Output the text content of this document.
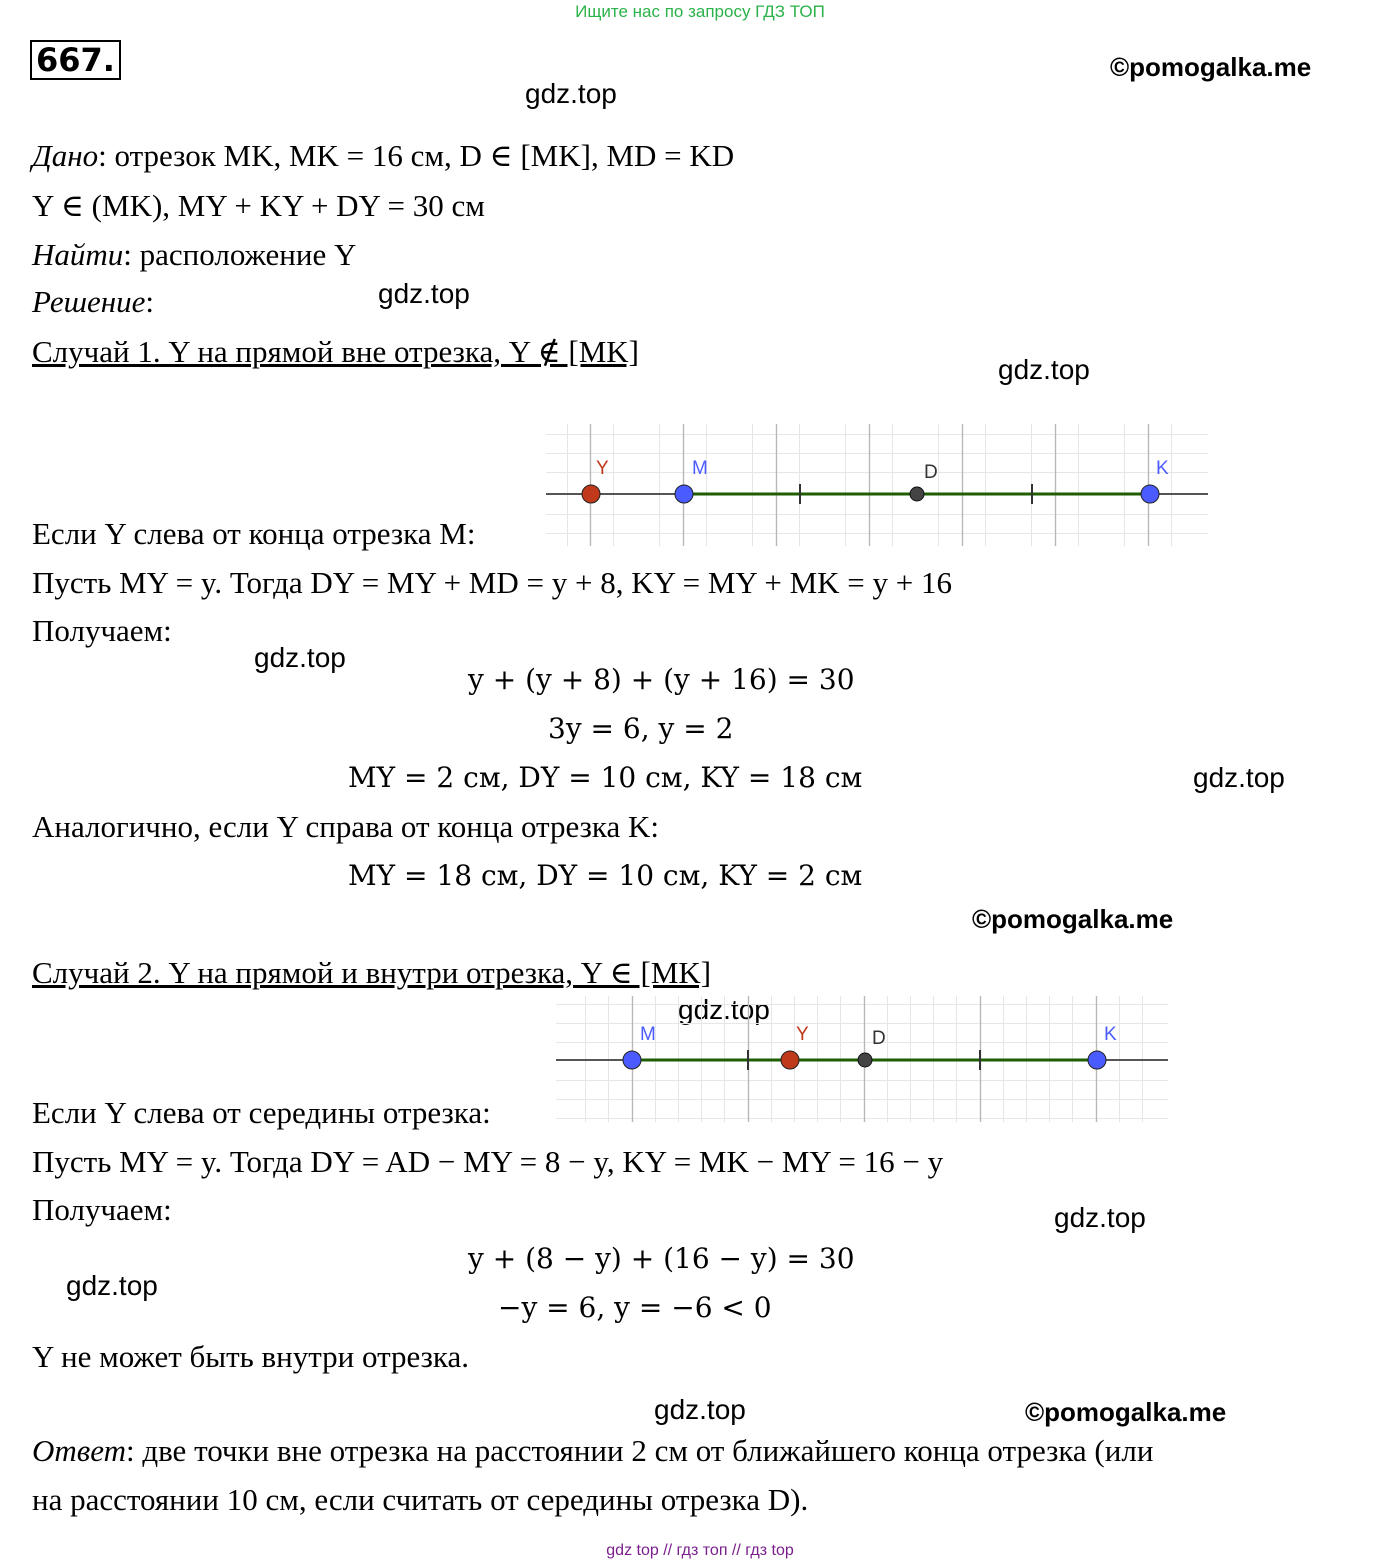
Ищите нас по запросу ГДЗ ТОП
667.	©pomogalka.me
©pomogalka.me
©pomogalka.me
gdz.top
gdz.top
gdz.top
gdz.top
gdz.top
gdz.top
gdz.top
gdz.top
gdz.top
Дано: отрезок MK, MK = 16 см, D ∈ [MK], MD = KD
Y ∈ (MK), MY + KY + DY = 30 см
Найти: расположение Y
Решение:
Случай 1. Y на прямой вне отрезка, Y ∉ [MK]
Y	M	D	K
Если Y слева от конца отрезка M:
Пусть MY = y. Тогда DY = MY + MD = y + 8, KY = MY + MK = y + 16
Получаем:
y + (y + 8) + (y + 16) = 30
3y = 6, y = 2
MY = 2 см, DY = 10 см, KY = 18 см
Аналогично, если Y справа от конца отрезка K:
MY = 18 см, DY = 10 см, KY = 2 см
Случай 2. Y на прямой и внутри отрезка, Y ∈ [MK]
M	Y	D	K
Если Y слева от середины отрезка:
Пусть MY = y. Тогда DY = AD − MY = 8 − y, KY = MK − MY = 16 − y
Получаем:
y + (8 − y) + (16 − y) = 30
−y = 6, y = −6 < 0
Y не может быть внутри отрезка.
Ответ: две точки вне отрезка на расстоянии 2 см от ближайшего конца отрезка (или
на расстоянии 10 см, если считать от середины отрезка D).
gdz top // гдз топ // гдз top
